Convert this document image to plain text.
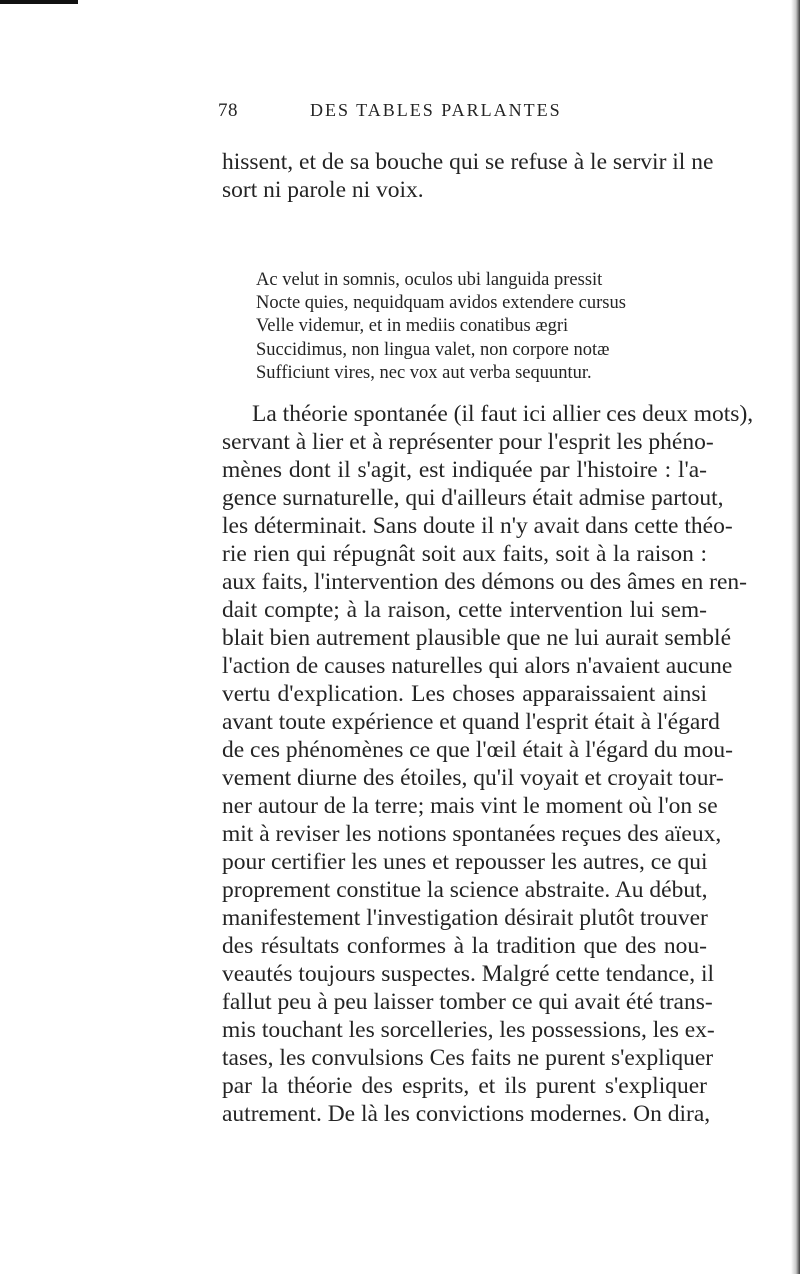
78	DES TABLES PARLANTES
hissent, et de sa bouche qui se refuse à le servir il ne
sort ni parole ni voix.
Ac velut in somnis, oculos ubi languida pressit
Nocte quies, nequidquam avidos extendere cursus
Velle videmur, et in mediis conatibus ægri
Succidimus, non lingua valet, non corpore notæ
Sufficiunt vires, nec vox aut verba sequuntur.
La théorie spontanée (il faut ici allier ces deux mots),
servant à lier et à représenter pour l'esprit les phéno-
mènes dont il s'agit, est indiquée par l'histoire : l'a-
gence surnaturelle, qui d'ailleurs était admise partout,
les déterminait. Sans doute il n'y avait dans cette théo-
rie rien qui répugnât soit aux faits, soit à la raison :
aux faits, l'intervention des démons ou des âmes en ren-
dait compte; à la raison, cette intervention lui sem-
blait bien autrement plausible que ne lui aurait semblé
l'action de causes naturelles qui alors n'avaient aucune
vertu d'explication. Les choses apparaissaient ainsi
avant toute expérience et quand l'esprit était à l'égard
de ces phénomènes ce que l'œil était à l'égard du mou-
vement diurne des étoiles, qu'il voyait et croyait tour-
ner autour de la terre; mais vint le moment où l'on se
mit à reviser les notions spontanées reçues des aïeux,
pour certifier les unes et repousser les autres, ce qui
proprement constitue la science abstraite. Au début,
manifestement l'investigation désirait plutôt trouver
des résultats conformes à la tradition que des nou-
veautés toujours suspectes. Malgré cette tendance, il
fallut peu à peu laisser tomber ce qui avait été trans-
mis touchant les sorcelleries, les possessions, les ex-
tases, les convulsions Ces faits ne purent s'expliquer
par la théorie des esprits, et ils purent s'expliquer
autrement. De là les convictions modernes. On dira,
